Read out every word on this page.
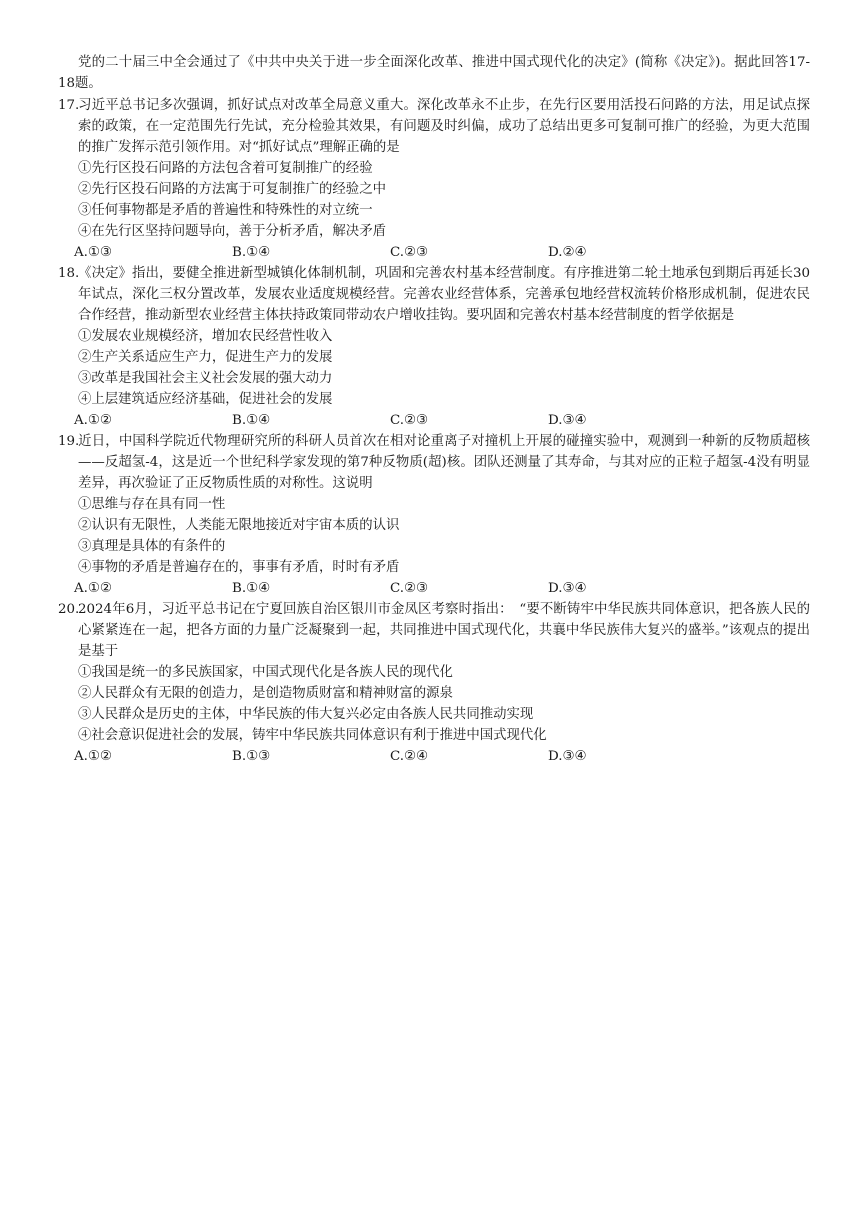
党的二十届三中全会通过了《中共中央关于进一步全面深化改革、推进中国式现代化的决定》(简称《决定》)。据此回答17-18题。

17.习近平总书记多次强调，抓好试点对改革全局意义重大。深化改革永不止步，在先行区要用活投石问路的方法，用足试点探索的政策，在一定范围先行先试，充分检验其效果，有问题及时纠偏，成功了总结出更多可复制可推广的经验，为更大范围的推广发挥示范引领作用。对“抓好试点”理解正确的是

①先行区投石问路的方法包含着可复制推广的经验
②先行区投石问路的方法寓于可复制推广的经验之中
③任何事物都是矛盾的普遍性和特殊性的对立统一
④在先行区坚持问题导向，善于分析矛盾，解决矛盾
A.①③	B.①④	C.②③	D.②④

18.《决定》指出，要健全推进新型城镇化体制机制，巩固和完善农村基本经营制度。有序推进第二轮土地承包到期后再延长30年试点，深化三权分置改革，发展农业适度规模经营。完善农业经营体系，完善承包地经营权流转价格形成机制，促进农民合作经营，推动新型农业经营主体扶持政策同带动农户增收挂钩。要巩固和完善农村基本经营制度的哲学依据是

①发展农业规模经济，增加农民经营性收入
②生产关系适应生产力，促进生产力的发展
③改革是我国社会主义社会发展的强大动力
④上层建筑适应经济基础，促进社会的发展
A.①②	B.①④	C.②③	D.③④

19.近日，中国科学院近代物理研究所的科研人员首次在相对论重离子对撞机上开展的碰撞实验中，观测到一种新的反物质超核——反超氢-4，这是近一个世纪科学家发现的第7种反物质(超)核。团队还测量了其寿命，与其对应的正粒子超氢-4没有明显差异，再次验证了正反物质性质的对称性。这说明

①思维与存在具有同一性
②认识有无限性，人类能无限地接近对宇宙本质的认识
③真理是具体的有条件的
④事物的矛盾是普遍存在的，事事有矛盾，时时有矛盾
A.①②	B.①④	C.②③	D.③④

20.2024年6月，习近平总书记在宁夏回族自治区银川市金凤区考察时指出：　“要不断铸牢中华民族共同体意识，把各族人民的心紧紧连在一起，把各方面的力量广泛凝聚到一起，共同推进中国式现代化，共襄中华民族伟大复兴的盛举。”该观点的提出是基于

①我国是统一的多民族国家，中国式现代化是各族人民的现代化
②人民群众有无限的创造力，是创造物质财富和精神财富的源泉
③人民群众是历史的主体，中华民族的伟大复兴必定由各族人民共同推动实现
④社会意识促进社会的发展，铸牢中华民族共同体意识有利于推进中国式现代化
A.①②	B.①③	C.②④	D.③④
